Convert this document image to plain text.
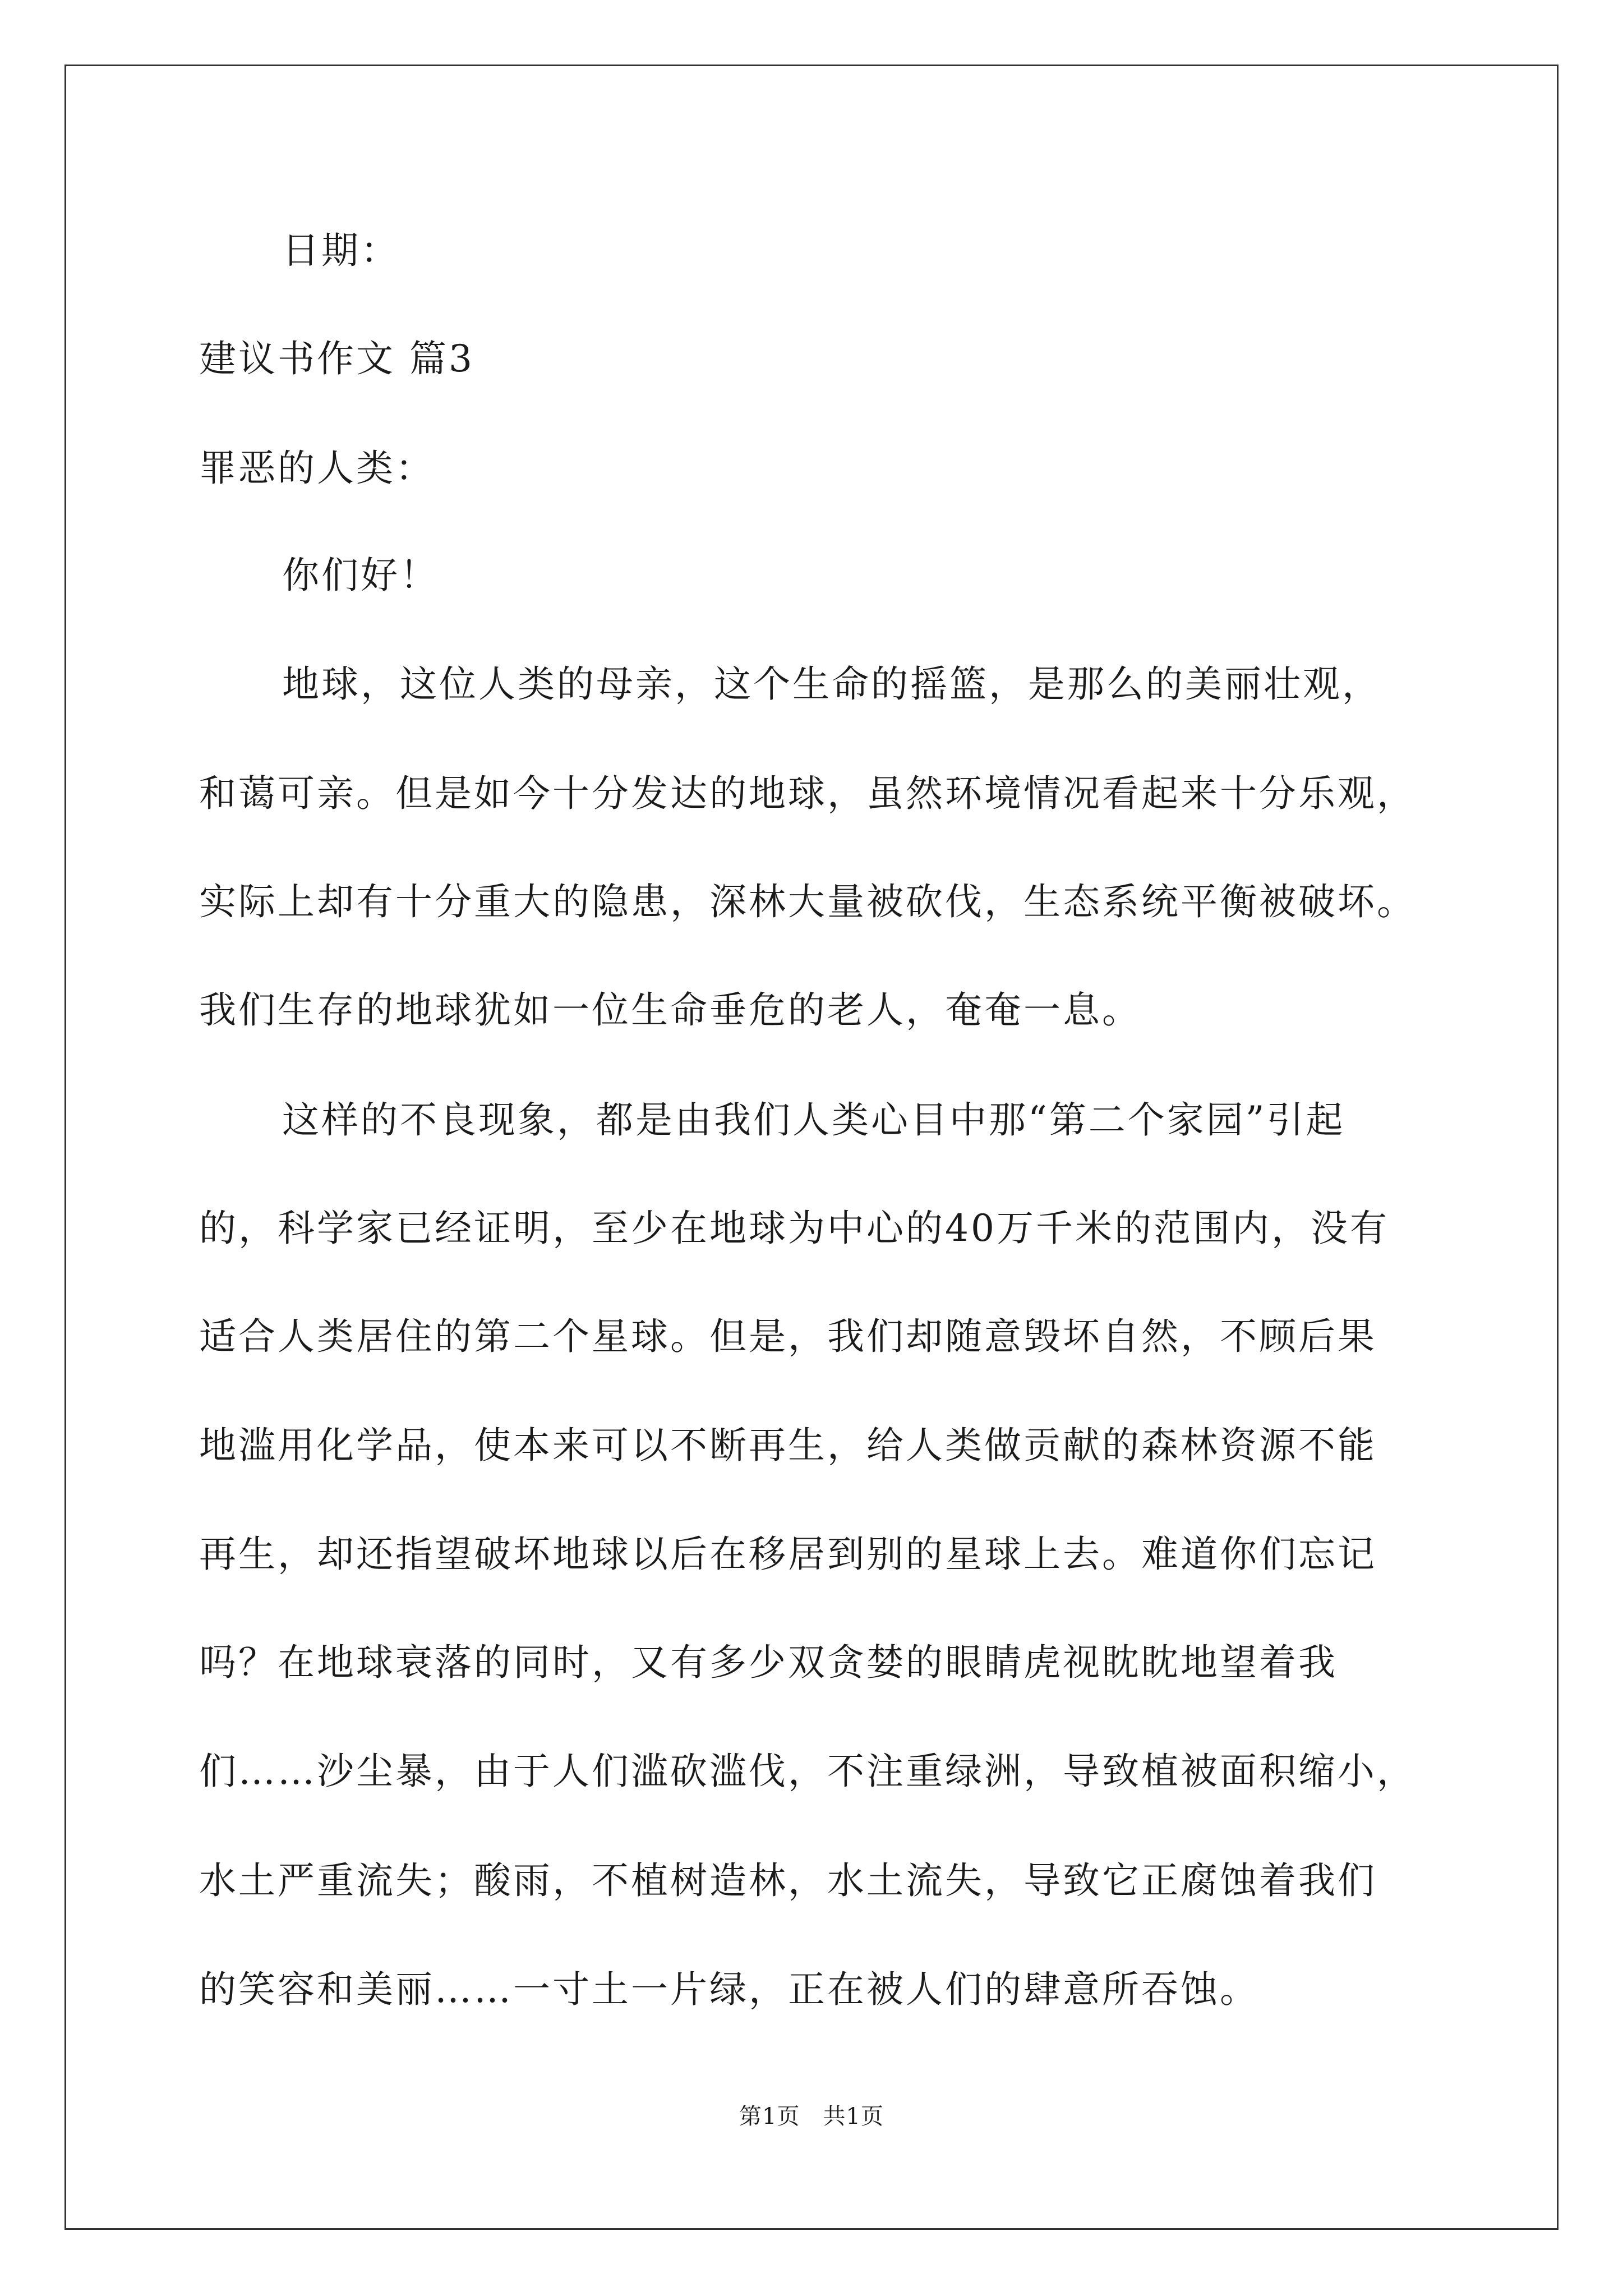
日期：
建议书作文 篇3
罪恶的人类：
你们好！
地球，这位人类的母亲，这个生命的摇篮，是那么的美丽壮观，
和蔼可亲。但是如今十分发达的地球，虽然环境情况看起来十分乐观，
实际上却有十分重大的隐患，深林大量被砍伐，生态系统平衡被破坏。
我们生存的地球犹如一位生命垂危的老人，奄奄一息。
这样的不良现象，都是由我们人类心目中那“第二个家园”引起
的，科学家已经证明，至少在地球为中心的40万千米的范围内，没有
适合人类居住的第二个星球。但是，我们却随意毁坏自然，不顾后果
地滥用化学品，使本来可以不断再生，给人类做贡献的森林资源不能
再生，却还指望破坏地球以后在移居到别的星球上去。难道你们忘记
吗？在地球衰落的同时，又有多少双贪婪的眼睛虎视眈眈地望着我
们……沙尘暴，由于人们滥砍滥伐，不注重绿洲，导致植被面积缩小，
水土严重流失；酸雨，不植树造林，水土流失，导致它正腐蚀着我们
的笑容和美丽……一寸土一片绿，正在被人们的肆意所吞蚀。
第1页　共1页
